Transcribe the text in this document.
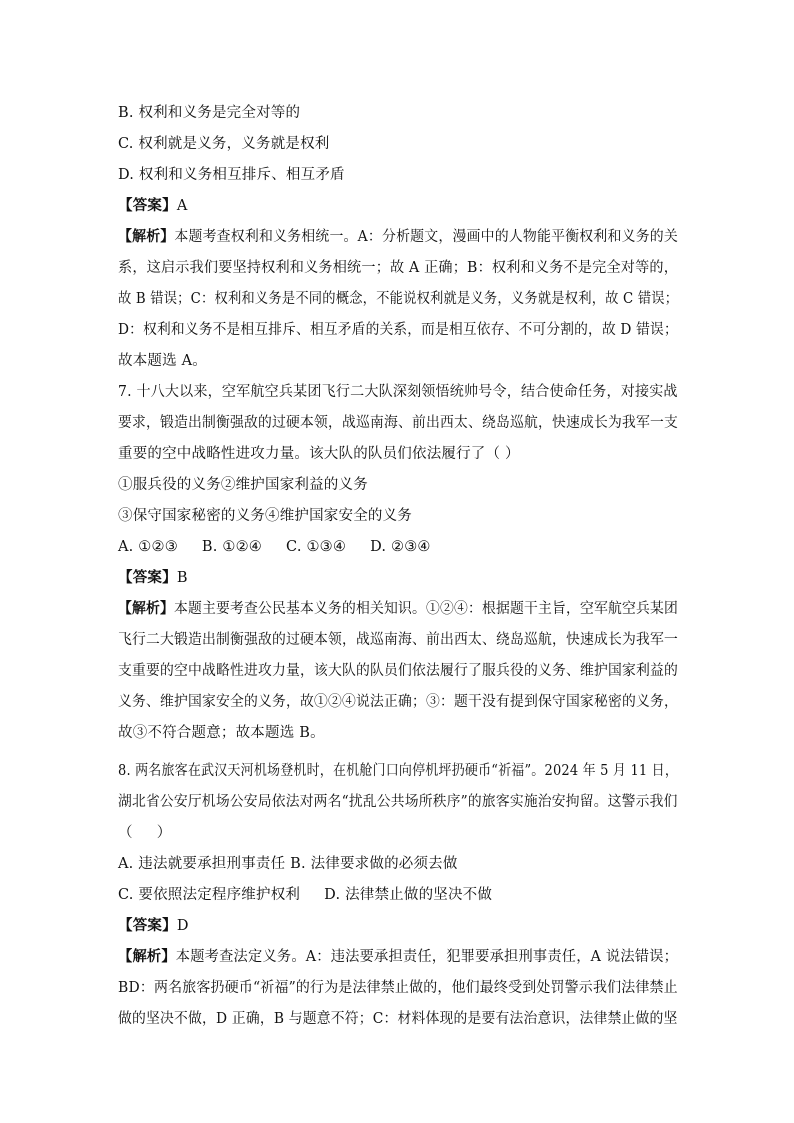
B. 权利和义务是完全对等的
C. 权利就是义务，义务就是权利
D. 权利和义务相互排斥、相互矛盾
【答案】A
【解析】本题考查权利和义务相统一。A：分析题文，漫画中的人物能平衡权利和义务的关
系，这启示我们要坚持权利和义务相统一；故 A 正确；B：权利和义务不是完全对等的，
故 B 错误；C：权利和义务是不同的概念，不能说权利就是义务，义务就是权利，故 C 错误；
D：权利和义务不是相互排斥、相互矛盾的关系，而是相互依存、不可分割的，故 D 错误；
故本题选 A。
7. 十八大以来，空军航空兵某团飞行二大队深刻领悟统帅号令，结合使命任务，对接实战
要求，锻造出制衡强敌的过硬本领，战巡南海、前出西太、绕岛巡航，快速成长为我军一支
重要的空中战略性进攻力量。该大队的队员们依法履行了（ ）
①服兵役的义务②维护国家利益的义务
③保守国家秘密的义务④维护国家安全的义务
A. ①②③     B. ①②④     C. ①③④     D. ②③④
【答案】B
【解析】本题主要考查公民基本义务的相关知识。①②④：根据题干主旨，空军航空兵某团
飞行二大锻造出制衡强敌的过硬本领，战巡南海、前出西太、绕岛巡航，快速成长为我军一
支重要的空中战略性进攻力量，该大队的队员们依法履行了服兵役的义务、维护国家利益的
义务、维护国家安全的义务，故①②④说法正确；③：题干没有提到保守国家秘密的义务，
故③不符合题意；故本题选 B。
8. 两名旅客在武汉天河机场登机时，在机舱门口向停机坪扔硬币“祈福”。2024 年 5 月 11 日，
湖北省公安厅机场公安局依法对两名“扰乱公共场所秩序”的旅客实施治安拘留。这警示我们
（     ）
A. 违法就要承担刑事责任 B. 法律要求做的必须去做
C. 要依照法定程序维护权利     D. 法律禁止做的坚决不做
【答案】D
【解析】本题考查法定义务。A：违法要承担责任，犯罪要承担刑事责任，A 说法错误；
BD：两名旅客扔硬币“祈福”的行为是法律禁止做的，他们最终受到处罚警示我们法律禁止
做的坚决不做，D 正确，B 与题意不符；C：材料体现的是要有法治意识，法律禁止做的坚
